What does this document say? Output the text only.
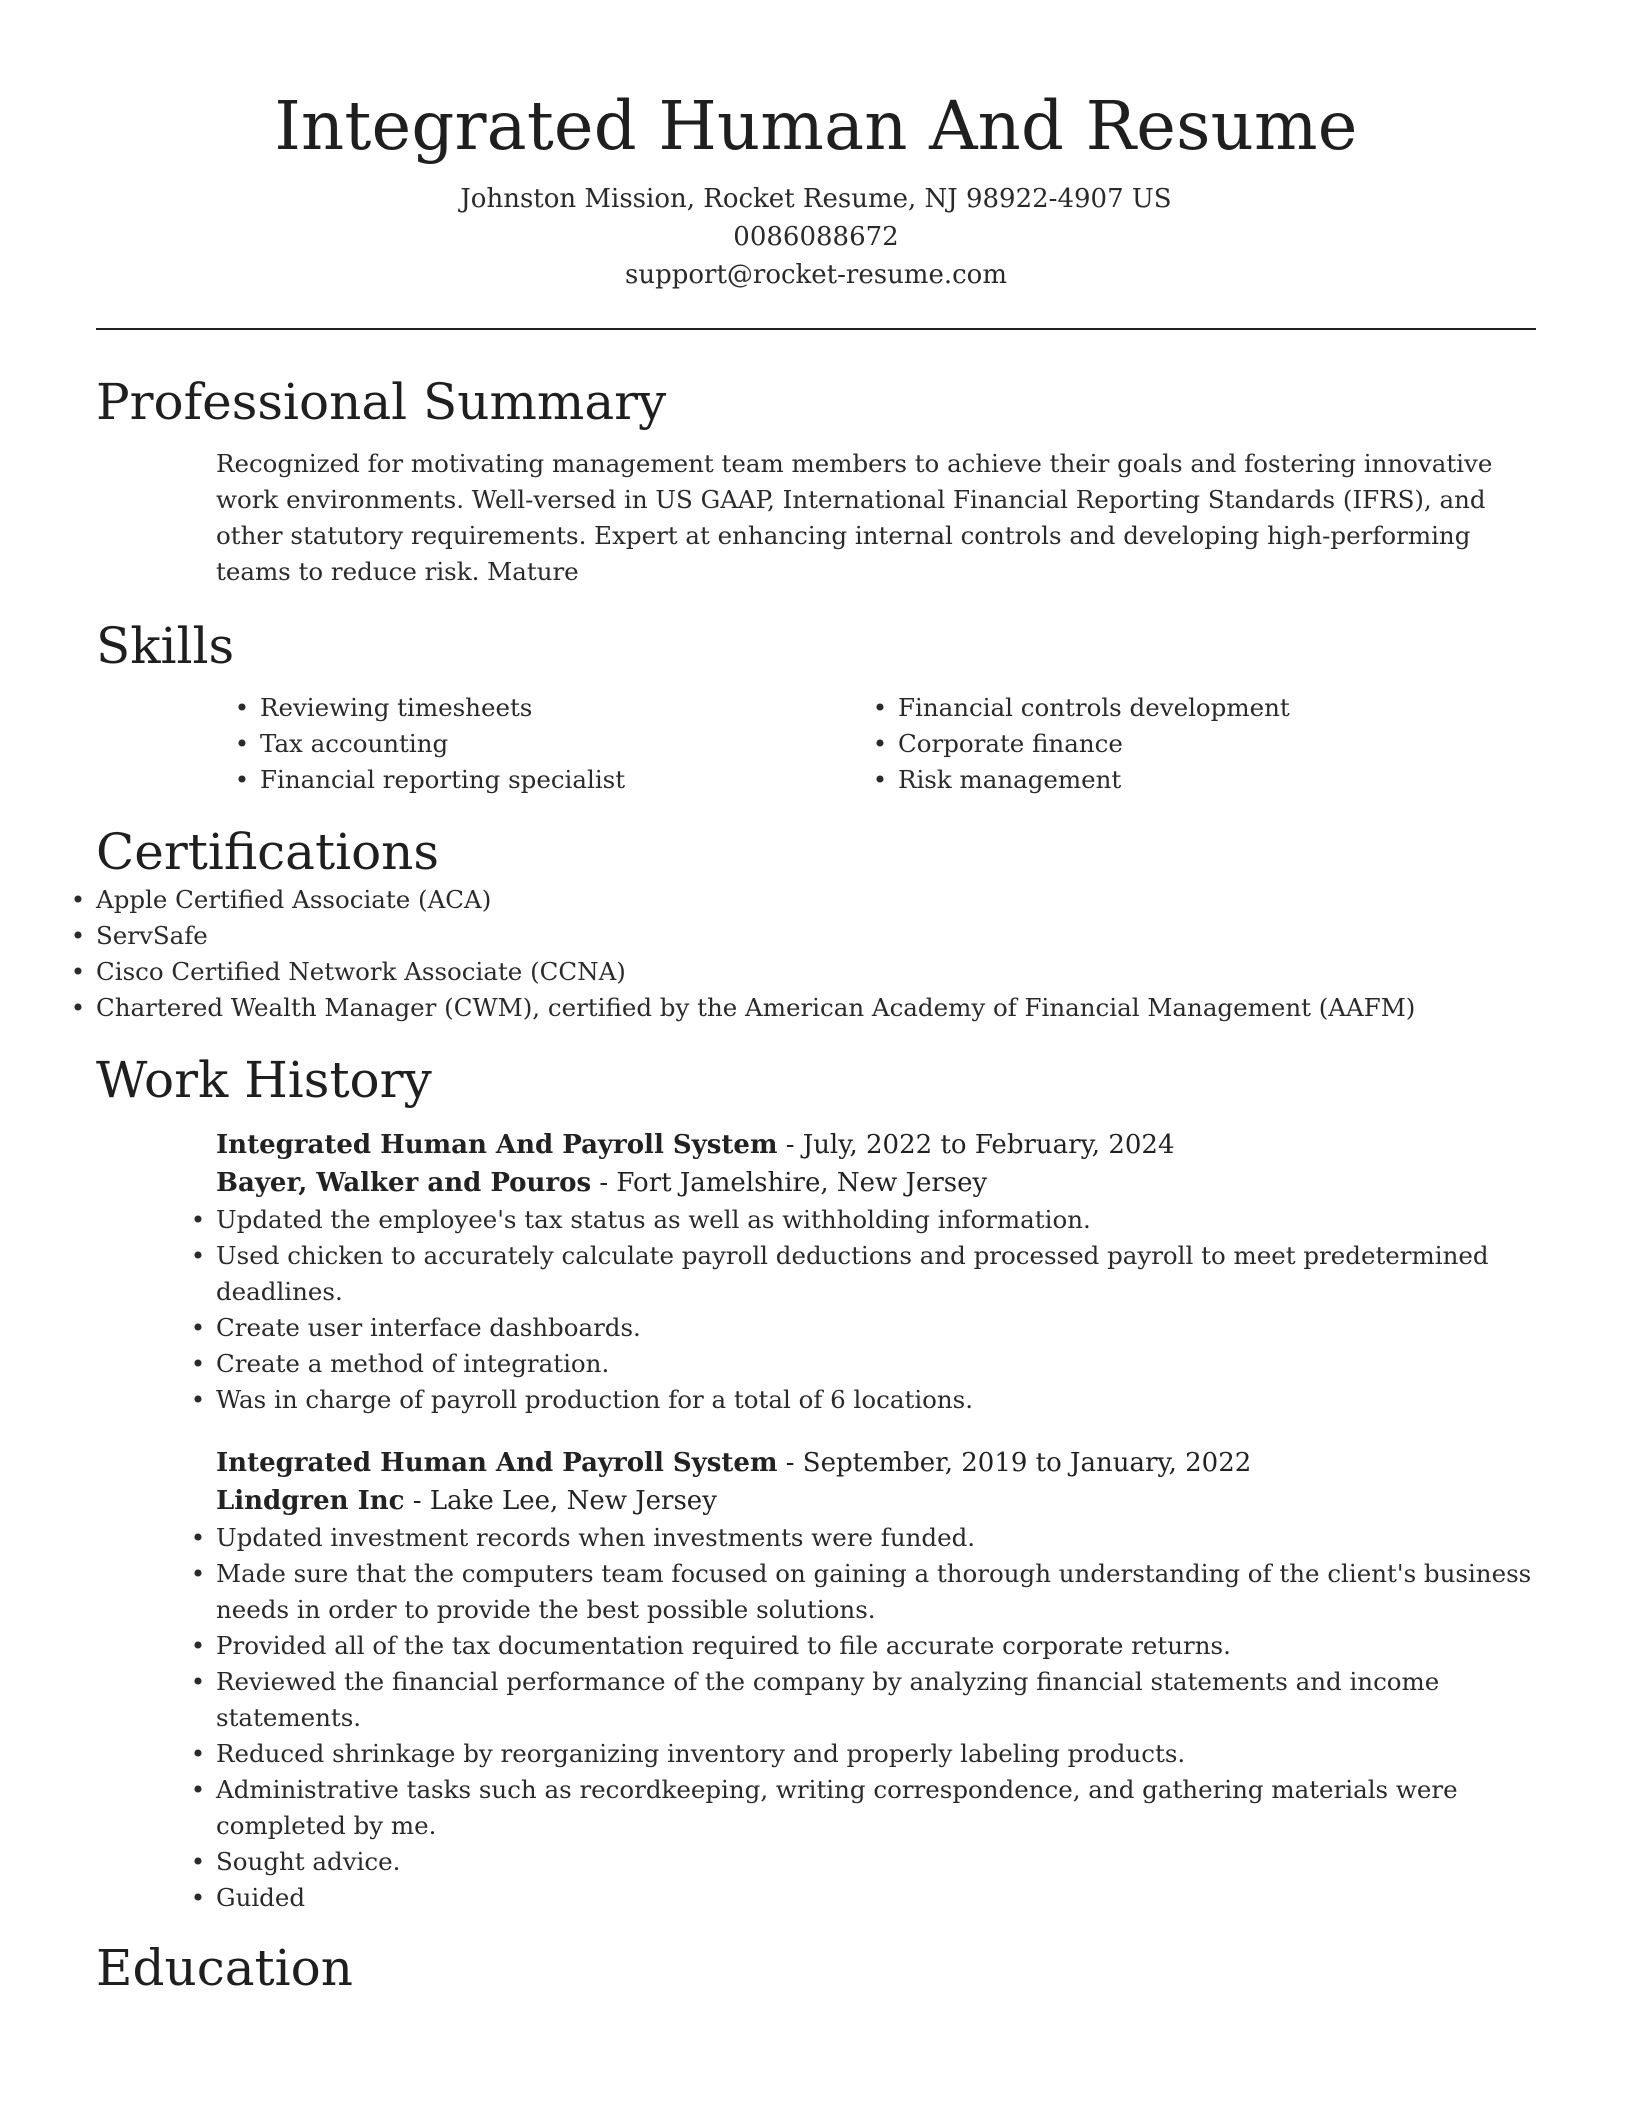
Integrated Human And Resume
Johnston Mission, Rocket Resume, NJ 98922-4907 US
0086088672
support@rocket-resume.com
Professional Summary

Recognized for motivating management team members to achieve their goals and fostering innovative work environments. Well-versed in US GAAP, International Financial Reporting Standards (IFRS), and other statutory requirements. Expert at enhancing internal controls and developing high-performing teams to reduce risk. Mature

Skills
• Reviewing timesheets
• Tax accounting
• Financial reporting specialist
• Financial controls development
• Corporate finance
• Risk management
Certifications
• Apple Certified Associate (ACA)
• ServSafe
• Cisco Certified Network Associate (CCNA)
• Chartered Wealth Manager (CWM), certified by the American Academy of Financial Management (AAFM)
Work History
Integrated Human And Payroll System - July, 2022 to February, 2024
Bayer, Walker and Pouros - Fort Jamelshire, New Jersey
• Updated the employee's tax status as well as withholding information.
• Used chicken to accurately calculate payroll deductions and processed payroll to meet predetermined deadlines.
• Create user interface dashboards.
• Create a method of integration.
• Was in charge of payroll production for a total of 6 locations.
Integrated Human And Payroll System - September, 2019 to January, 2022
Lindgren Inc - Lake Lee, New Jersey
• Updated investment records when investments were funded.
• Made sure that the computers team focused on gaining a thorough understanding of the client's business needs in order to provide the best possible solutions.
• Provided all of the tax documentation required to file accurate corporate returns.
• Reviewed the financial performance of the company by analyzing financial statements and income statements.
• Reduced shrinkage by reorganizing inventory and properly labeling products.
• Administrative tasks such as recordkeeping, writing correspondence, and gathering materials were completed by me.
• Sought advice.
• Guided
Education
